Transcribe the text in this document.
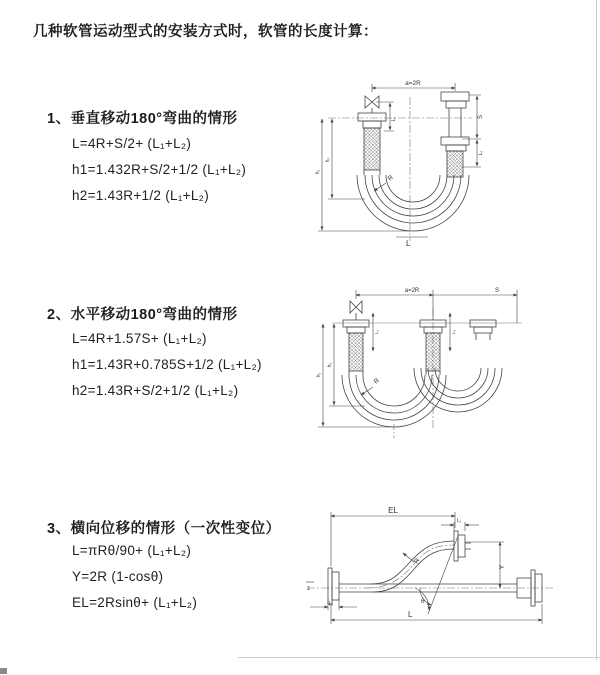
几种软管运动型式的安装方式时，软管的长度计算：
1、垂直移动180°弯曲的情形
L=4R+S/2+ (L₁+L₂)
h1=1.432R+S/2+1/2 (L₁+L₂)
h2=1.43R+1/2 (L₁+L₂)
2、水平移动180°弯曲的情形
L=4R+1.57S+ (L₁+L₂)
h1=1.43R+0.785S+1/2 (L₁+L₂)
h2=1.43R+S/2+1/2 (L₁+L₂)
3、横向位移的情形（一次性变位）
L=πRθ/90+ (L₁+L₂)
Y=2R (1-cosθ)
EL=2Rsinθ+ (L₁+L₂)
a=2R
L₁	S
L₂
h₁
h₂
R
L
a=2R	S
L₁	L₁
h₁
h₂
R
EL
L₁
Y
L
L₂
R
θ
z
